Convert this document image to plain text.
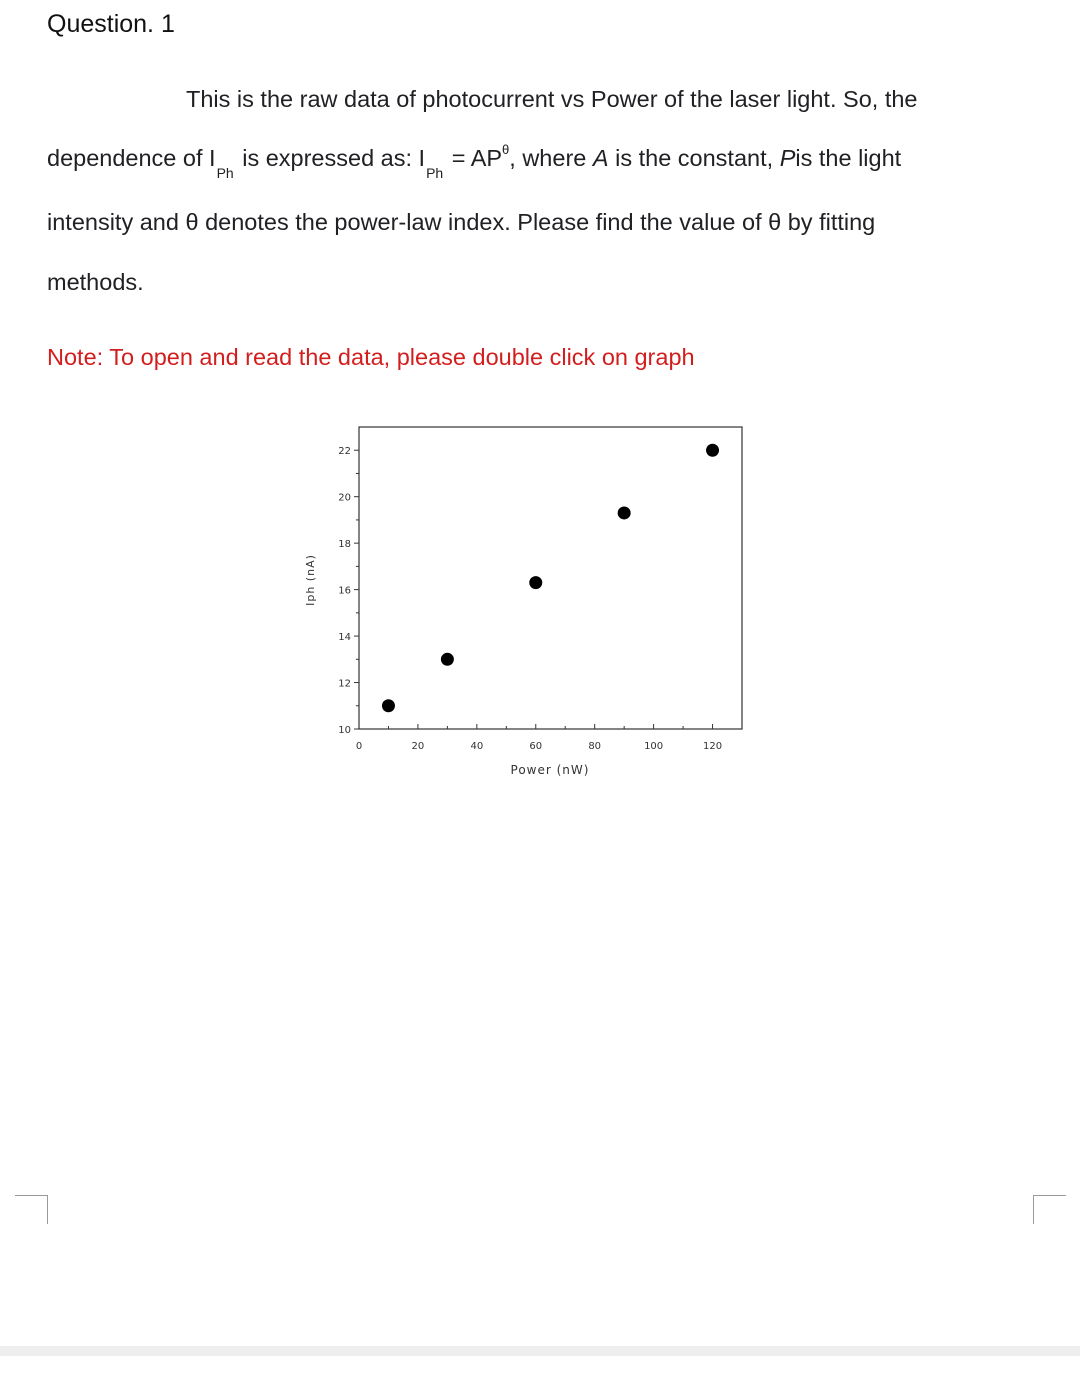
Question. 1
This is the raw data of photocurrent vs Power of the laser light. So, the
dependence of $I_{Ph}$ is expressed as: $I_{Ph} = AP^\theta$, where A is the constant, Pis the light
intensity and θ denotes the power-law index. Please find the value of θ by fitting
methods.
Note: To open and read the data, please double click on graph
10
12
14
16
18
20
22
0	20	40	60	80	100	120
Power (nW)
Iph (nA)
